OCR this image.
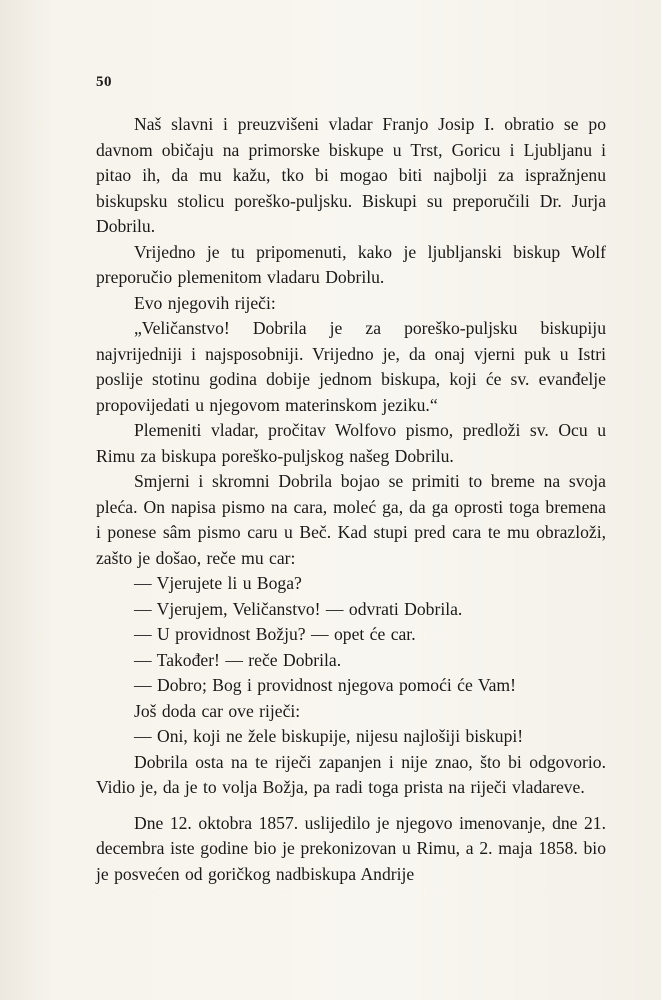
50

Naš slavni i preuzvišeni vladar Franjo Josip I. obratio se po davnom običaju na primorske biskupe u Trst, Goricu i Ljubljanu i pitao ih, da mu kažu, tko bi mogao biti najbolji za ispražnjenu biskupsku stolicu poreško-puljsku. Biskupi su preporučili Dr. Jurja Dobrilu.

Vrijedno je tu pripomenuti, kako je ljubljanski biskup Wolf preporučio plemenitom vladaru Dobrilu.

Evo njegovih riječi:

„Veličanstvo! Dobrila je za poreško-puljsku biskupiju najvrijedniji i najsposobniji. Vrijedno je, da onaj vjerni puk u Istri poslije stotinu godina dobije jednom biskupa, koji će sv. evanđelje propovijedati u njegovom materinskom jeziku.“

Plemeniti vladar, pročitav Wolfovo pismo, predloži sv. Ocu u Rimu za biskupa poreško-puljskog našeg Dobrilu.

Smjerni i skromni Dobrila bojao se primiti to breme na svoja pleća. On napisa pismo na cara, moleć ga, da ga oprosti toga bremena i ponese sâm pismo caru u Beč. Kad stupi pred cara te mu obrazloži, zašto je došao, reče mu car:

— Vjerujete li u Boga?

— Vjerujem, Veličanstvo! — odvrati Dobrila.

— U providnost Božju? — opet će car.

— Također! — reče Dobrila.

— Dobro; Bog i providnost njegova pomoći će Vam!

Još doda car ove riječi:

— Oni, koji ne žele biskupije, nijesu najlošiji biskupi!

Dobrila osta na te riječi zapanjen i nije znao, što bi odgovorio. Vidio je, da je to volja Božja, pa radi toga prista na riječi vladareve.

Dne 12. oktobra 1857. uslijedilo je njegovo imenovanje, dne 21. decembra iste godine bio je prekonizovan u Rimu, a 2. maja 1858. bio je posvećen od goričkog nadbiskupa Andrije
